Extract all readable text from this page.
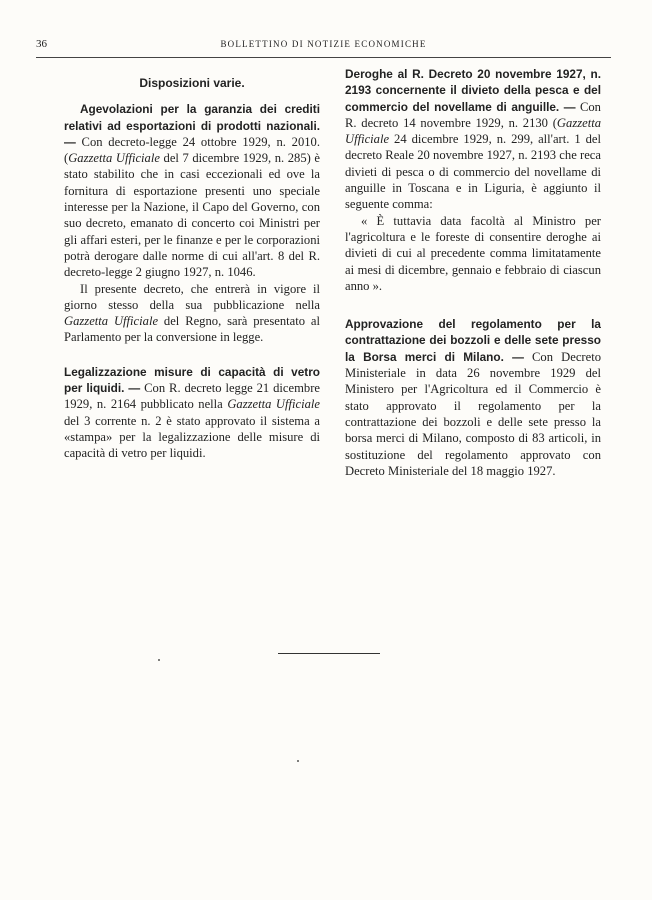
36	BOLLETTINO DI NOTIZIE ECONOMICHE
Disposizioni varie.

Agevolazioni per la garanzia dei crediti relativi ad esportazioni di prodotti nazionali. — Con decreto-legge 24 ottobre 1929, n. 2010. (Gazzetta Ufficiale del 7 dicembre 1929, n. 285) è stato stabilito che in casi eccezionali ed ove la fornitura di esportazione presenti uno speciale interesse per la Nazione, il Capo del Governo, con suo decreto, emanato di concerto coi Ministri per gli affari esteri, per le finanze e per le corporazioni potrà derogare dalle norme di cui all'art. 8 del R. decreto-legge 2 giugno 1927, n. 1046.

Il presente decreto, che entrerà in vigore il giorno stesso della sua pubblicazione nella Gazzetta Ufficiale del Regno, sarà presentato al Parlamento per la conversione in legge.

Legalizzazione misure di capacità di vetro per liquidi. — Con R. decreto legge 21 dicembre 1929, n. 2164 pubblicato nella Gazzetta Ufficiale del 3 corrente n. 2 è stato approvato il sistema a «stampa» per la legalizzazione delle misure di capacità di vetro per liquidi.

Deroghe al R. Decreto 20 novembre 1927, n. 2193 concernente il divieto della pesca e del commercio del novellame di anguille. — Con R. decreto 14 novembre 1929, n. 2130 (Gazzetta Ufficiale 24 dicembre 1929, n. 299, all'art. 1 del decreto Reale 20 novembre 1927, n. 2193 che reca divieti di pesca o di commercio del novellame di anguille in Toscana e in Liguria, è aggiunto il seguente comma:

« È tuttavia data facoltà al Ministro per l'agricoltura e le foreste di consentire deroghe ai divieti di cui al precedente comma limitatamente ai mesi di dicembre, gennaio e febbraio di ciascun anno ».

Approvazione del regolamento per la contrattazione dei bozzoli e delle sete presso la Borsa merci di Milano. — Con Decreto Ministeriale in data 26 novembre 1929 del Ministero per l'Agricoltura ed il Commercio è stato approvato il regolamento per la contrattazione dei bozzoli e delle sete presso la borsa merci di Milano, composto di 83 articoli, in sostituzione del regolamento approvato con Decreto Ministeriale del 18 maggio 1927.
